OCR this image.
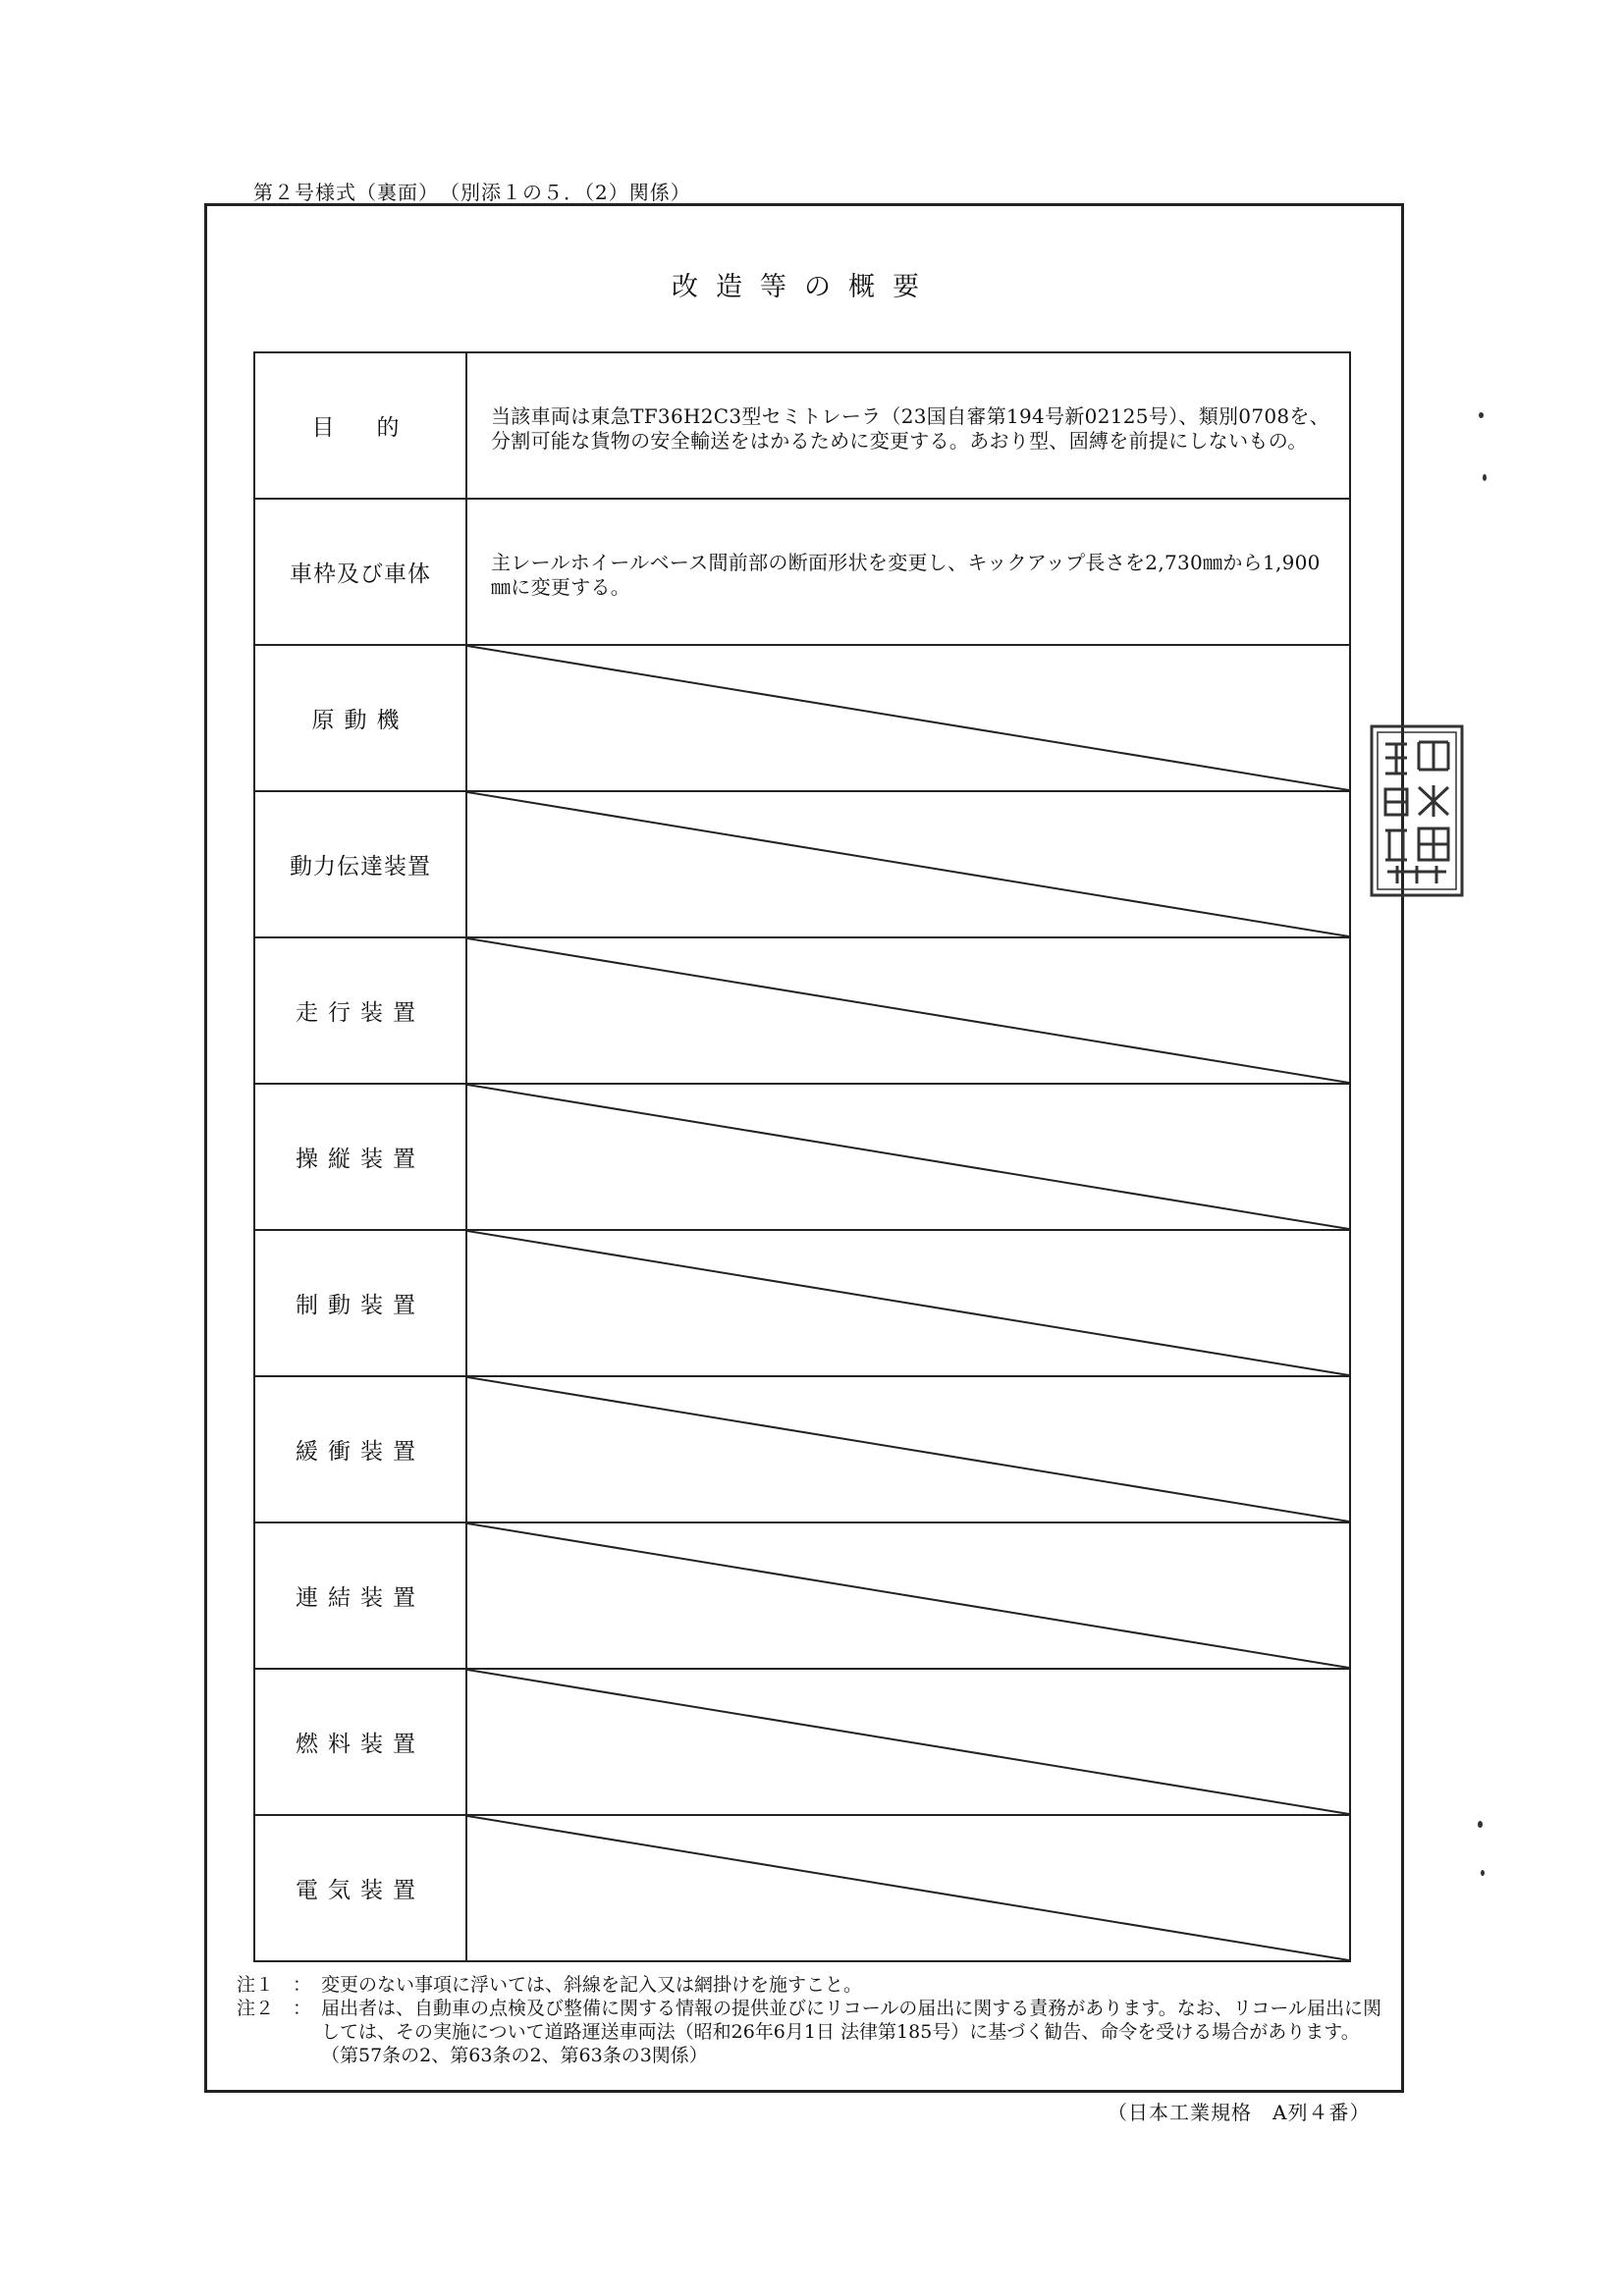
第２号様式（裏面）　（別添１の５．（2）関係）
改造等の概要
目　的	当該車両は東急TF36H2C3型セミトレーラ（23国自審第194号新02125号）、類別0708を、分割可能な貨物の安全輸送をはかるために変更する。あおり型、固縛を前提にしないもの。

車枠及び車体	主レールホイールベース間前部の断面形状を変更し、キックアップ長さを2,730㎜から1,900㎜に変更する。

原動機	

動力伝達装置	

走行装置	

操縦装置	

制動装置	

緩衝装置	

連結装置	

燃料装置	

電気装置	
注１　： 変更のない事項に浮いては、斜線を記入又は網掛けを施すこと。
注２　： 届出者は、自動車の点検及び整備に関する情報の提供並びにリコールの届出に関する責務があります。なお、リコール届出に関しては、その実施について道路運送車両法（昭和26年6月1日 法律第185号）に基づく勧告、命令を受ける場合があります。（第57条の2、第63条の2、第63条の3関係）
（日本工業規格　A列４番）
